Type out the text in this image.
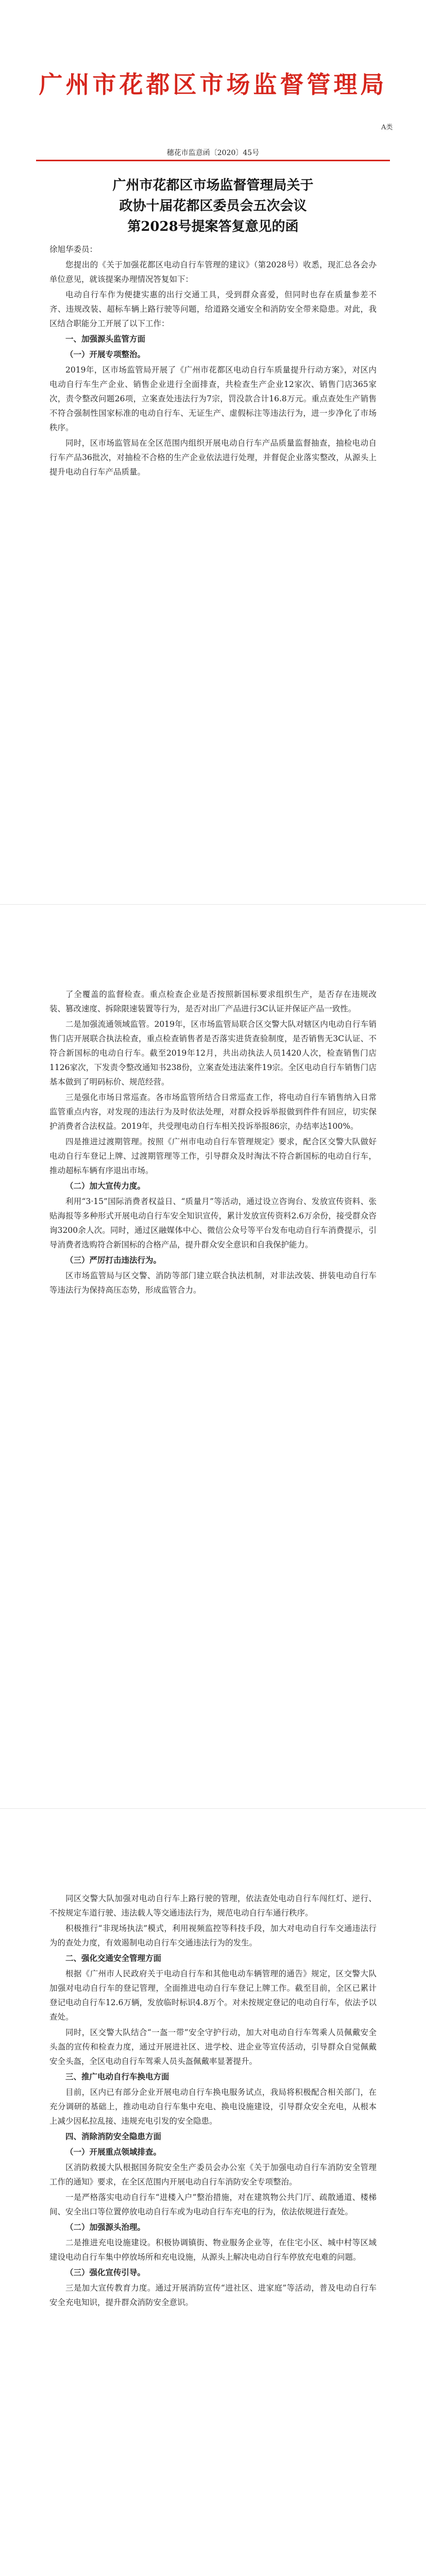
广州市花都区市场监督管理局
A类
穗花市监意函〔2020〕45号
广州市花都区市场监督管理局关于
政协十届花都区委员会五次会议
第2028号提案答复意见的函

徐旭华委员：

您提出的《关于加强花都区电动自行车管理的建议》（第2028号）收悉，现汇总各会办单位意见，就该提案办理情况答复如下：

电动自行车作为便捷实惠的出行交通工具，受到群众喜爱，但同时也存在质量参差不齐、违规改装、超标车辆上路行驶等问题，给道路交通安全和消防安全带来隐患。对此，我区结合职能分工开展了以下工作：

一、加强源头监管方面

（一）开展专项整治。

2019年，区市场监管局开展了《广州市花都区电动自行车质量提升行动方案》，对区内电动自行车生产企业、销售企业进行全面排查，共检查生产企业12家次、销售门店365家次，责令整改问题26项，立案查处违法行为7宗，罚没款合计16.8万元。重点查处生产销售不符合强制性国家标准的电动自行车、无证生产、虚假标注等违法行为，进一步净化了市场秩序。

同时，区市场监管局在全区范围内组织开展电动自行车产品质量监督抽查，抽检电动自行车产品36批次，对抽检不合格的生产企业依法进行处理，并督促企业落实整改，从源头上提升电动自行车产品质量。

了全覆盖的监督检查。重点检查企业是否按照新国标要求组织生产，是否存在违规改装、篡改速度、拆除限速装置等行为，是否对出厂产品进行3C认证并保证产品一致性。

二是加强流通领域监管。2019年，区市场监管局联合区交警大队对辖区内电动自行车销售门店开展联合执法检查，重点检查销售者是否落实进货查验制度，是否销售无3C认证、不符合新国标的电动自行车。截至2019年12月，共出动执法人员1420人次，检查销售门店1126家次，下发责令整改通知书238份，立案查处违法案件19宗。全区电动自行车销售门店基本做到了明码标价、规范经营。

三是强化市场日常巡查。各市场监管所结合日常巡查工作，将电动自行车销售纳入日常监管重点内容，对发现的违法行为及时依法处理，对群众投诉举报做到件件有回应，切实保护消费者合法权益。2019年，共受理电动自行车相关投诉举报86宗，办结率达100%。

四是推进过渡期管理。按照《广州市电动自行车管理规定》要求，配合区交警大队做好电动自行车登记上牌、过渡期管理等工作，引导群众及时淘汰不符合新国标的电动自行车，推动超标车辆有序退出市场。

（二）加大宣传力度。

利用“3·15”国际消费者权益日、“质量月”等活动，通过设立咨询台、发放宣传资料、张贴海报等多种形式开展电动自行车安全知识宣传，累计发放宣传资料2.6万余份，接受群众咨询3200余人次。同时，通过区融媒体中心、微信公众号等平台发布电动自行车消费提示，引导消费者选购符合新国标的合格产品，提升群众安全意识和自我保护能力。

（三）严厉打击违法行为。

区市场监管局与区交警、消防等部门建立联合执法机制，对非法改装、拼装电动自行车等违法行为保持高压态势，形成监管合力。

同区交警大队加强对电动自行车上路行驶的管理，依法查处电动自行车闯红灯、逆行、不按规定车道行驶、违法载人等交通违法行为，规范电动自行车通行秩序。

积极推行“非现场执法”模式，利用视频监控等科技手段，加大对电动自行车交通违法行为的查处力度，有效遏制电动自行车交通违法行为的发生。

二、强化交通安全管理方面

根据《广州市人民政府关于电动自行车和其他电动车辆管理的通告》规定，区交警大队加强对电动自行车的登记管理，全面推进电动自行车登记上牌工作。截至目前，全区已累计登记电动自行车12.6万辆，发放临时标识4.8万个。对未按规定登记的电动自行车，依法予以查处。

同时，区交警大队结合“一盔一带”安全守护行动，加大对电动自行车驾乘人员佩戴安全头盔的宣传和检查力度，通过开展进社区、进学校、进企业等宣传活动，引导群众自觉佩戴安全头盔，全区电动自行车驾乘人员头盔佩戴率显著提升。

三、推广电动自行车换电方面

目前，区内已有部分企业开展电动自行车换电服务试点，我局将积极配合相关部门，在充分调研的基础上，推动电动自行车集中充电、换电设施建设，引导群众安全充电，从根本上减少因私拉乱接、违规充电引发的安全隐患。

四、消除消防安全隐患方面

（一）开展重点领域排查。

区消防救援大队根据国务院安全生产委员会办公室《关于加强电动自行车消防安全管理工作的通知》要求，在全区范围内开展电动自行车消防安全专项整治。

一是严格落实电动自行车“进楼入户”整治措施，对在建筑物公共门厅、疏散通道、楼梯间、安全出口等位置停放电动自行车或为电动自行车充电的行为，依法依规进行查处。

（二）加强源头治理。

二是推进充电设施建设。积极协调镇街、物业服务企业等，在住宅小区、城中村等区域建设电动自行车集中停放场所和充电设施，从源头上解决电动自行车停放充电难的问题。

（三）强化宣传引导。

三是加大宣传教育力度。通过开展消防宣传“进社区、进家庭”等活动，普及电动自行车安全充电知识，提升群众消防安全意识。
